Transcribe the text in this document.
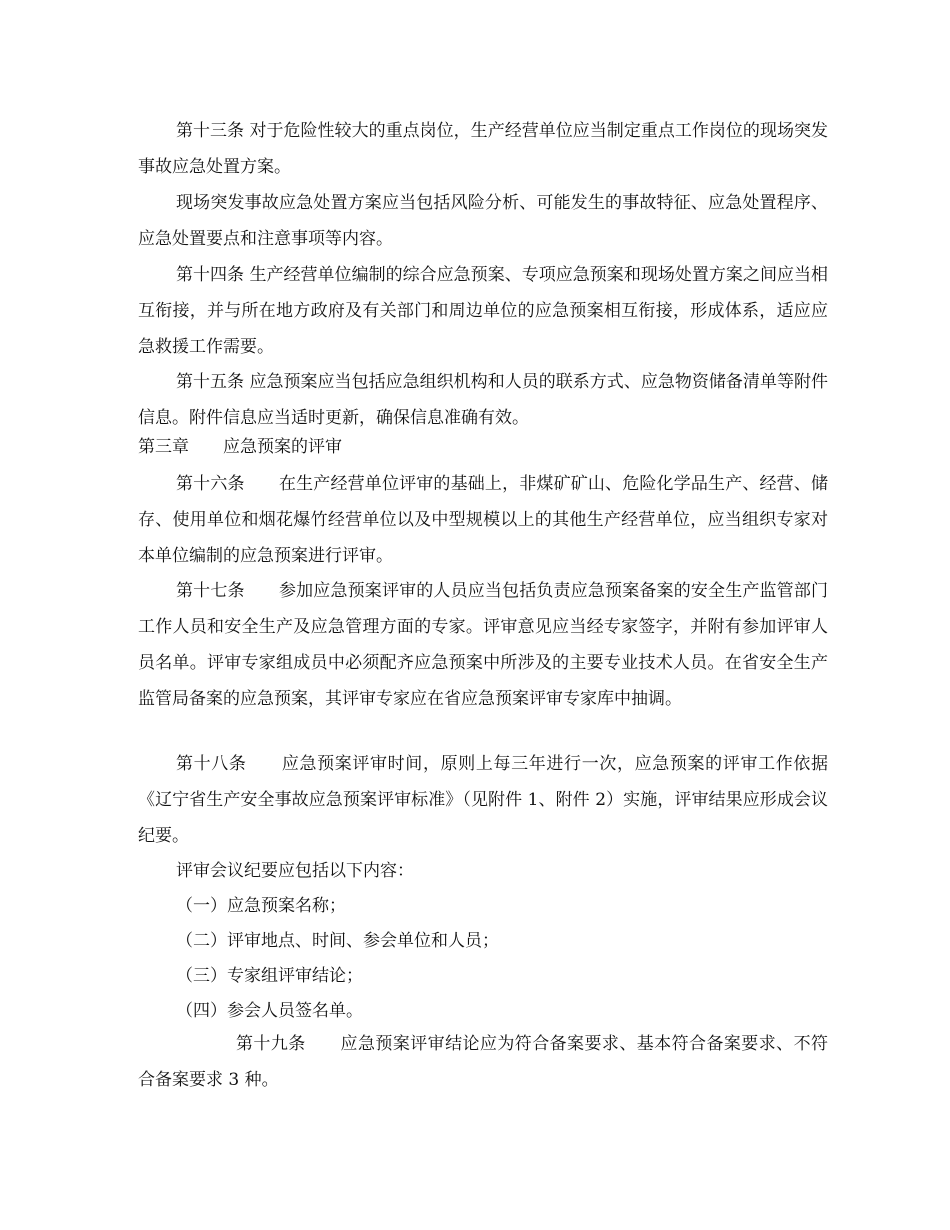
第十三条 对于危险性较大的重点岗位，生产经营单位应当制定重点工作岗位的现场突发事故应急处置方案。

现场突发事故应急处置方案应当包括风险分析、可能发生的事故特征、应急处置程序、应急处置要点和注意事项等内容。

第十四条 生产经营单位编制的综合应急预案、专项应急预案和现场处置方案之间应当相互衔接，并与所在地方政府及有关部门和周边单位的应急预案相互衔接，形成体系，适应应急救援工作需要。

第十五条 应急预案应当包括应急组织机构和人员的联系方式、应急物资储备清单等附件信息。附件信息应当适时更新，确保信息准确有效。

第三章　　应急预案的评审

第十六条　　在生产经营单位评审的基础上，非煤矿矿山、危险化学品生产、经营、储存、使用单位和烟花爆竹经营单位以及中型规模以上的其他生产经营单位，应当组织专家对本单位编制的应急预案进行评审。

第十七条　　参加应急预案评审的人员应当包括负责应急预案备案的安全生产监管部门工作人员和安全生产及应急管理方面的专家。评审意见应当经专家签字，并附有参加评审人员名单。评审专家组成员中必须配齐应急预案中所涉及的主要专业技术人员。在省安全生产监管局备案的应急预案，其评审专家应在省应急预案评审专家库中抽调。

第十八条　　应急预案评审时间，原则上每三年进行一次，应急预案的评审工作依据《辽宁省生产安全事故应急预案评审标准》（见附件 1、附件 2）实施，评审结果应形成会议纪要。

评审会议纪要应包括以下内容：

（一）应急预案名称；

（二）评审地点、时间、参会单位和人员；

（三）专家组评审结论；

（四）参会人员签名单。

第十九条　　应急预案评审结论应为符合备案要求、基本符合备案要求、不符合备案要求 3 种。
